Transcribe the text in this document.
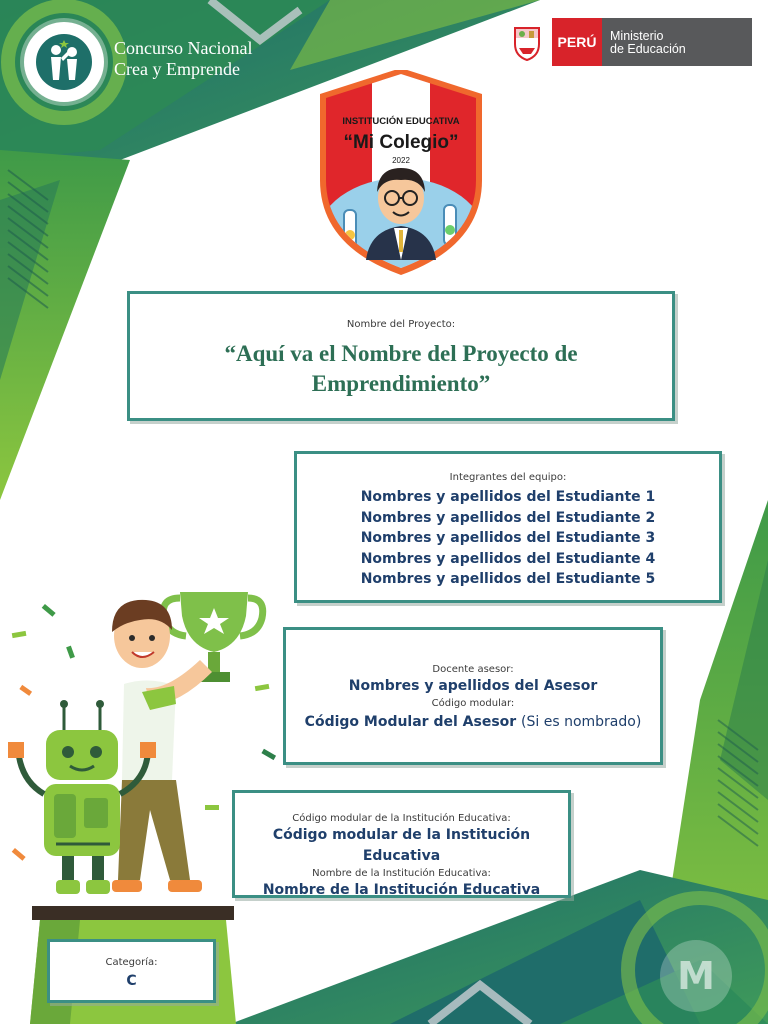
Concurso Nacional
Crea y Emprende
PERÚ	Ministerio
de Educación
INSTITUCIÓN EDUCATIVA
“Mi Colegio”
2022
Nombre del Proyecto:
“Aquí va el Nombre del Proyecto de
Emprendimiento”
Integrantes del equipo:
Nombres y apellidos del Estudiante 1
Nombres y apellidos del Estudiante 2
Nombres y apellidos del Estudiante 3
Nombres y apellidos del Estudiante 4
Nombres y apellidos del Estudiante 5
Docente asesor:
Nombres y apellidos del Asesor
Código modular:
Código Modular del Asesor (Si es nombrado)
Código modular de la Institución Educativa:
Código modular de la Institución Educativa
Nombre de la Institución Educativa:
Nombre de la Institución Educativa
Categoría:
C	M
